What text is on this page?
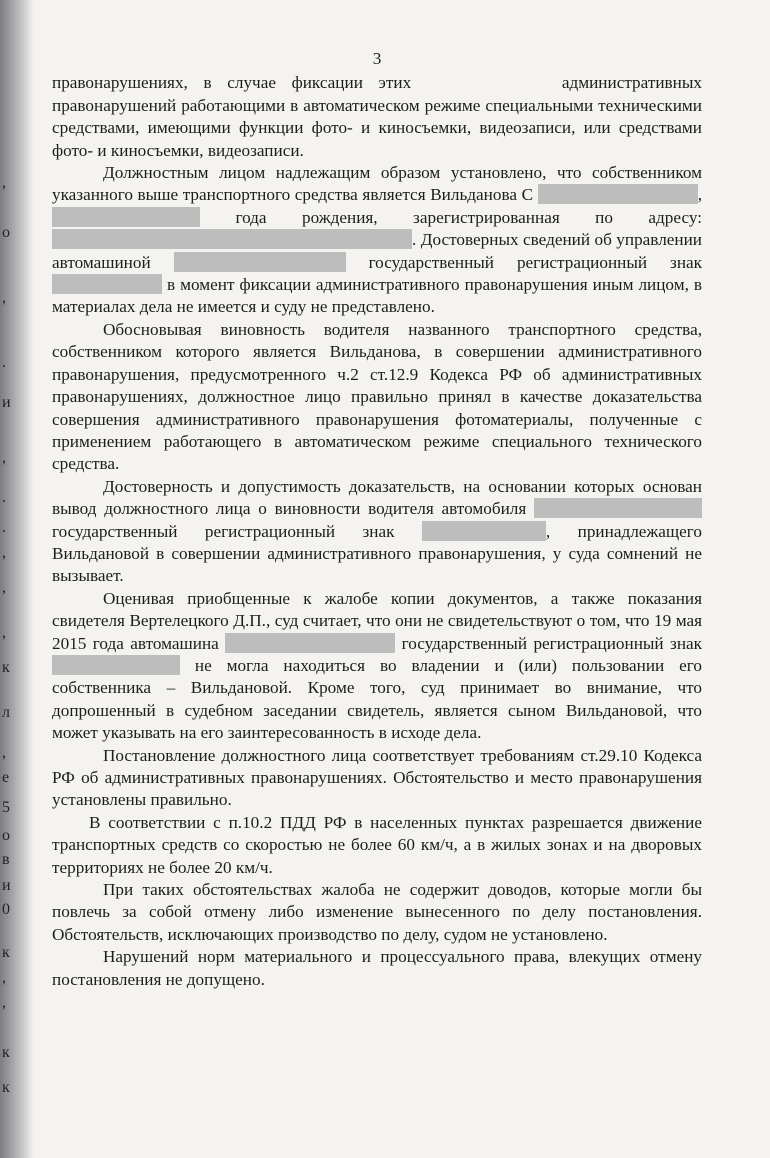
,
о
,
.
и
,
.
.
,
,
,
к
л
,
е
5
о
в
и
0
к
,
,
к
к
3

правонарушениях, в случае фиксации этих	административных правонарушений работающими в автоматическом режиме специальными техническими средствами, имеющими функции фото- и киносъемки, видеозаписи, или средствами фото- и киносъемки, видеозаписи.

Должностным лицом надлежащим образом установлено, что собственником указанного выше транспортного средства является Вильданова С	,  года рождения, зарегистрированная по адресу: . Достоверных сведений об управлении автомашиной	государственный регистрационный знак  в момент фиксации административного правонарушения иным лицом, в материалах дела не имеется и суду не представлено.

Обосновывая виновность водителя названного транспортного средства, собственником которого является Вильданова, в совершении административного правонарушения, предусмотренного ч.2 ст.12.9 Кодекса РФ об административных правонарушениях, должностное лицо правильно принял в качестве доказательства совершения административного правонарушения фотоматериалы, полученные с применением работающего в автоматическом режиме специального технического средства.

Достоверность и допустимость доказательств, на основании которых основан вывод должностного лица о виновности водителя автомобиля  государственный регистрационный знак	, принадлежащего Вильдановой в совершении административного правонарушения, у суда сомнений не вызывает.

Оценивая приобщенные к жалобе копии документов, а также показания свидетеля Вертелецкого Д.П., суд считает, что они не свидетельствуют о том, что 19 мая 2015 года автомашина	государственный регистрационный знак  не могла находиться во владении и (или) пользовании его собственника – Вильдановой. Кроме того, суд принимает во внимание, что допрошенный в судебном заседании свидетель, является сыном Вильдановой, что может указывать на его заинтересованность в исходе дела.

Постановление должностного лица соответствует требованиям ст.29.10 Кодекса РФ об административных правонарушениях. Обстоятельство и место правонарушения установлены правильно.

В соответствии с п.10.2 ПДД РФ в населенных пунктах разрешается движение транспортных средств со скоростью не более 60 км/ч, а в жилых зонах и на дворовых территориях не более 20 км/ч.

При таких обстоятельствах жалоба не содержит доводов, которые могли бы повлечь за собой отмену либо изменение вынесенного по делу постановления. Обстоятельств, исключающих производство по делу, судом не установлено.

Нарушений норм материального и процессуального права, влекущих отмену постановления не допущено.
